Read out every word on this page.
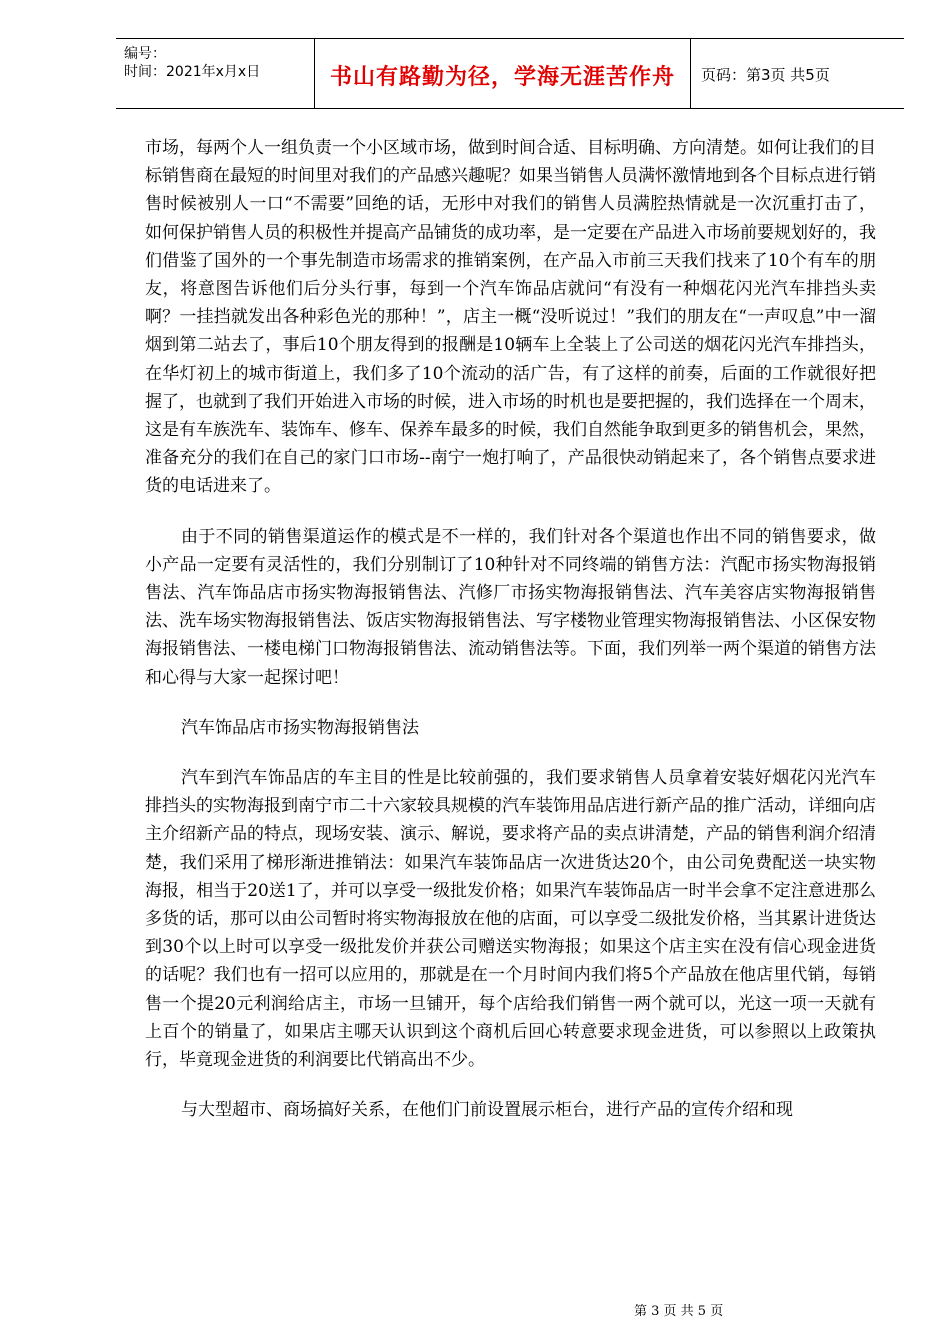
编号：
时间：2021年x月x日	书山有路勤为径，学海无涯苦作舟	页码：第3页 共5页

市场，每两个人一组负责一个小区域市场，做到时间合适、目标明确、方向清楚。如何让我们的目标销售商在最短的时间里对我们的产品感兴趣呢？如果当销售人员满怀激情地到各个目标点进行销售时候被别人一口“不需要”回绝的话，无形中对我们的销售人员满腔热情就是一次沉重打击了，如何保护销售人员的积极性并提高产品铺货的成功率，是一定要在产品进入市场前要规划好的，我们借鉴了国外的一个事先制造市场需求的推销案例，在产品入市前三天我们找来了10个有车的朋友，将意图告诉他们后分头行事，每到一个汽车饰品店就问“有没有一种烟花闪光汽车排挡头卖啊？一挂挡就发出各种彩色光的那种！”，店主一概“没听说过！”我们的朋友在“一声叹息”中一溜烟到第二站去了，事后10个朋友得到的报酬是10辆车上全装上了公司送的烟花闪光汽车排挡头，在华灯初上的城市街道上，我们多了10个流动的活广告，有了这样的前奏，后面的工作就很好把握了，也就到了我们开始进入市场的时候，进入市场的时机也是要把握的，我们选择在一个周末，这是有车族洗车、装饰车、修车、保养车最多的时候，我们自然能争取到更多的销售机会，果然，准备充分的我们在自己的家门口市场--南宁一炮打响了，产品很快动销起来了，各个销售点要求进货的电话进来了。

由于不同的销售渠道运作的模式是不一样的，我们针对各个渠道也作出不同的销售要求，做小产品一定要有灵活性的，我们分别制订了10种针对不同终端的销售方法：汽配市扬实物海报销售法、汽车饰品店市扬实物海报销售法、汽修厂市扬实物海报销售法、汽车美容店实物海报销售法、洗车场实物海报销售法、饭店实物海报销售法、写字楼物业管理实物海报销售法、小区保安物海报销售法、一楼电梯门口物海报销售法、流动销售法等。下面，我们列举一两个渠道的销售方法和心得与大家一起探讨吧！

汽车饰品店市扬实物海报销售法

汽车到汽车饰品店的车主目的性是比较前强的，我们要求销售人员拿着安装好烟花闪光汽车排挡头的实物海报到南宁市二十六家较具规模的汽车装饰用品店进行新产品的推广活动，详细向店主介绍新产品的特点，现场安装、演示、解说，要求将产品的卖点讲清楚，产品的销售利润介绍清楚，我们采用了梯形渐进推销法：如果汽车装饰品店一次进货达20个，由公司免费配送一块实物海报，相当于20送1了，并可以享受一级批发价格；如果汽车装饰品店一时半会拿不定注意进那么多货的话，那可以由公司暂时将实物海报放在他的店面，可以享受二级批发价格，当其累计进货达到30个以上时可以享受一级批发价并获公司赠送实物海报；如果这个店主实在没有信心现金进货的话呢？我们也有一招可以应用的，那就是在一个月时间内我们将5个产品放在他店里代销，每销售一个提20元利润给店主，市场一旦铺开，每个店给我们销售一两个就可以，光这一项一天就有上百个的销量了，如果店主哪天认识到这个商机后回心转意要求现金进货，可以参照以上政策执行，毕竟现金进货的利润要比代销高出不少。

与大型超市、商场搞好关系，在他们门前设置展示柜台，进行产品的宣传介绍和现

第 3 页 共 5 页
